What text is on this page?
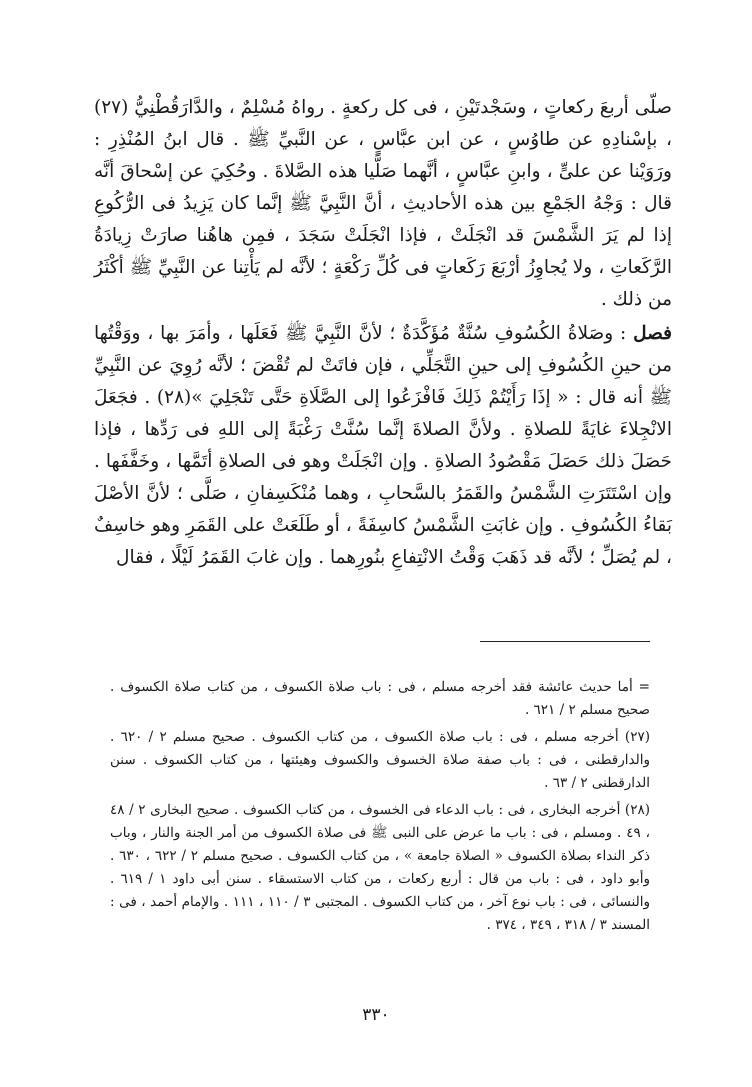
صلّى أربعَ ركعاتٍ ، وسَجْدتَيْنِ ، فى كل ركعةٍ . رواهُ مُسْلِمٌ ، والدَّارَقُطْنِيُّ (٢٧) ، بإسْنادِهِ عن طاوُسٍ ، عن ابن عبَّاسٍ ، عن النَّبيِّ ﷺ . قال ابنُ المُنْذِرِ : ورَوَيْنا عن علىٍّ ، وابنِ عبَّاسٍ ، أنَّهما صَلَّيا هذه الصَّلاةَ . وحُكِيَ عن إسْحاقَ أنَّه قال : وَجْهُ الجَمْعِ بين هذه الأحاديثِ ، أنَّ النَّبِيَّ ﷺ إنَّما كان يَزِيدُ فى الرُّكُوعِ إذا لم يَرَ الشَّمْسَ قد انْجَلَتْ ، فإذا انْجَلَتْ سَجَدَ ، فمِن هاهُنا صارَتْ زِيادَةُ الرَّكَعاتِ ، ولا يُجاوِزُ أرْبَعَ رَكَعاتٍ فى كُلِّ رَكْعَةٍ ؛ لأنَّه لم يَأْتِنا عن النَّبِيِّ ﷺ أكْثَرُ من ذلك .

فصل : وصَلاةُ الكُسُوفِ سُنَّةٌ مُؤَكَّدَةٌ ؛ لأنَّ النَّبِيَّ ﷺ فَعَلَها ، وأمَرَ بها ، ووَقْتُها من حينِ الكُسُوفِ إلى حينِ التَّجَلِّي ، فإن فاتَتْ لم تُقْضَ ؛ لأنَّه رُوِيَ عن النَّبِيِّ ﷺ أنه قال : « إذَا رَأَيْتُمْ ذَلِكَ فَافْزَعُوا إلى الصَّلَاةِ حَتَّى تَنْجَلِيَ »(٢٨) . فجَعَلَ الانْجِلاءَ غايَةً للصلاةِ . ولأنَّ الصلاةَ إنَّما سُنَّتْ رَغْبَةً إلى اللهِ فى رَدِّها ، فإذا حَصَلَ ذلك حَصَلَ مَقْصُودُ الصلاةِ . وإن انْجَلَتْ وهو فى الصلاةِ أتَمَّها ، وخَفَّفَها . وإن اسْتَتَرَتِ الشَّمْسُ والقَمَرُ بالسَّحابِ ، وهما مُنْكَسِفانِ ، صَلَّى ؛ لأنَّ الأصْلَ بَقاءُ الكُسُوفِ . وإن غابَتِ الشَّمْسُ كاسِفَةً ، أو طَلَعَتْ على القَمَرِ وهو خاسِفٌ ، لم يُصَلِّ ؛ لأنَّه قد ذَهَبَ وَقْتُ الانْتِفاعِ بنُورِهما . وإن غابَ القَمَرُ لَيْلًا ، فقال

= أما حديث عائشة فقد أخرجه مسلم ، فى : باب صلاة الكسوف ، من كتاب صلاة الكسوف . صحيح مسلم ٢ / ٦٢١ .

(٢٧) أخرجه مسلم ، فى : باب صلاة الكسوف ، من كتاب الكسوف . صحيح مسلم ٢ / ٦٢٠ . والدارقطنى ، فى : باب صفة صلاة الخسوف والكسوف وهيئتها ، من كتاب الكسوف . سنن الدارقطنى ٢ / ٦٣ .

(٢٨) أخرجه البخارى ، فى : باب الدعاء فى الخسوف ، من كتاب الكسوف . صحيح البخارى ٢ / ٤٨ ، ٤٩ . ومسلم ، فى : باب ما عرض على النبى ﷺ فى صلاة الكسوف من أمر الجنة والنار ، وباب ذكر النداء بصلاة الكسوف « الصلاة جامعة » ، من كتاب الكسوف . صحيح مسلم ٢ / ٦٢٢ ، ٦٣٠ . وأبو داود ، فى : باب من قال : أربع ركعات ، من كتاب الاستسقاء . سنن أبى داود ١ / ٦١٩ . والنسائى ، فى : باب نوع آخر ، من كتاب الكسوف . المجتبى ٣ / ١١٠ ، ١١١ . والإمام أحمد ، فى : المسند ٣ / ٣١٨ ، ٣٤٩ ، ٣٧٤ .

٣٣٠
